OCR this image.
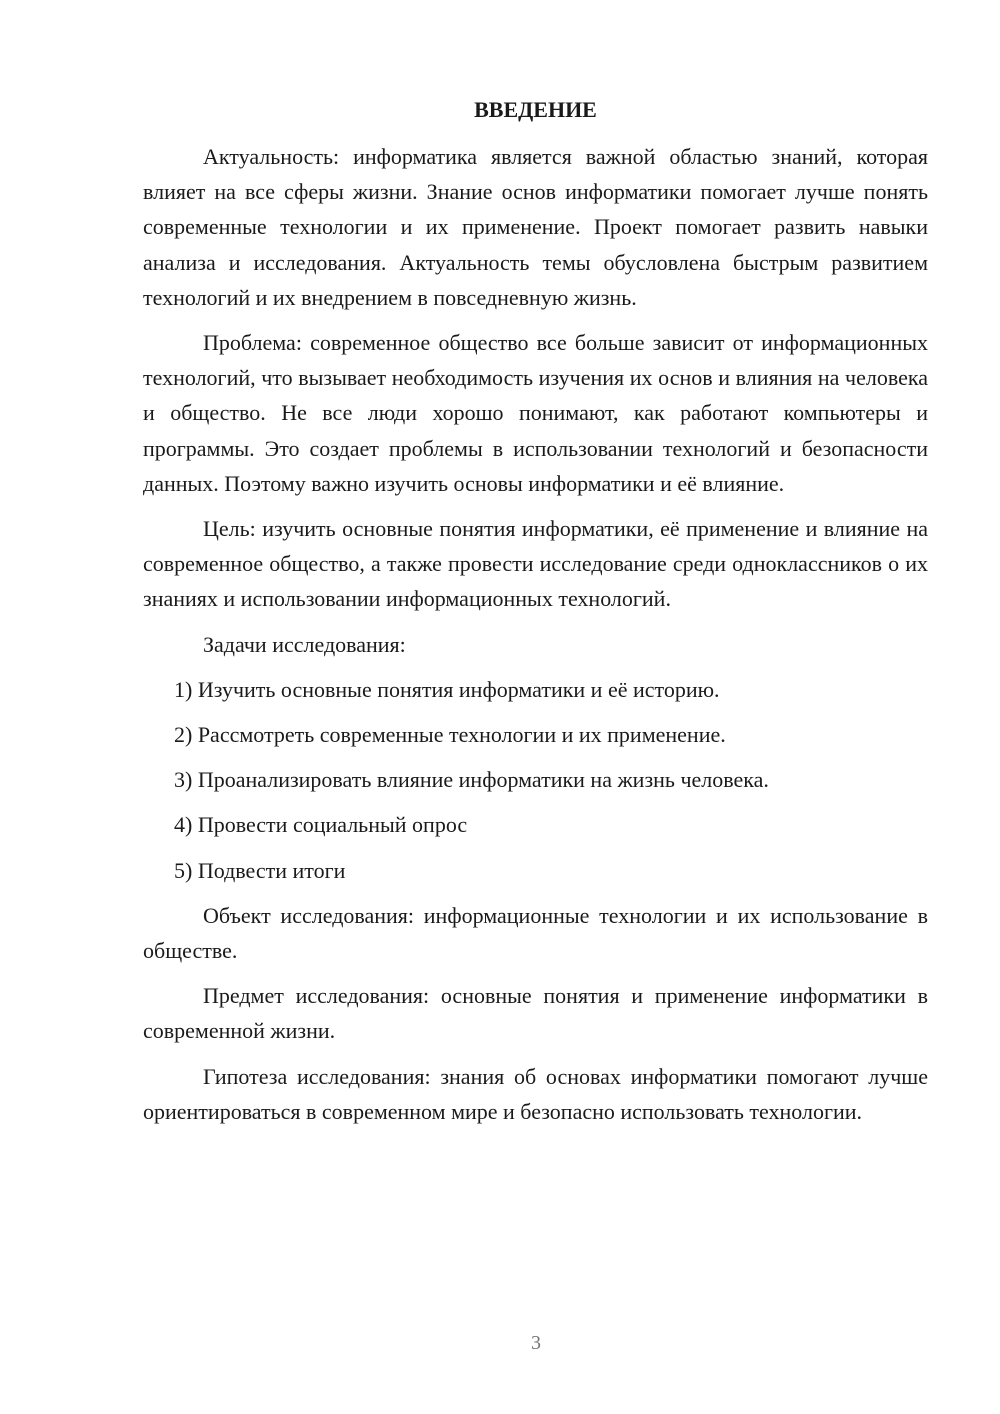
ВВЕДЕНИЕ

Актуальность: информатика является важной областью знаний, которая влияет на все сферы жизни. Знание основ информатики помогает лучше понять современные технологии и их применение. Проект помогает развить навыки анализа и исследования. Актуальность темы обусловлена быстрым развитием технологий и их внедрением в повседневную жизнь.

Проблема: современное общество все больше зависит от информационных технологий, что вызывает необходимость изучения их основ и влияния на человека и общество. Не все люди хорошо понимают, как работают компьютеры и программы. Это создает проблемы в использовании технологий и безопасности данных. Поэтому важно изучить основы информатики и её влияние.

Цель: изучить основные понятия информатики, её применение и влияние на современное общество, а также провести исследование среди одноклассников о их знаниях и использовании информационных технологий.

Задачи исследования:

1) Изучить основные понятия информатики и её историю.
2) Рассмотреть современные технологии и их применение.
3) Проанализировать влияние информатики на жизнь человека.
4) Провести социальный опрос
5) Подвести итоги

Объект исследования: информационные технологии и их использование в обществе.

Предмет исследования: основные понятия и применение информатики в современной жизни.

Гипотеза исследования: знания об основах информатики помогают лучше ориентироваться в современном мире и безопасно использовать технологии.

3
